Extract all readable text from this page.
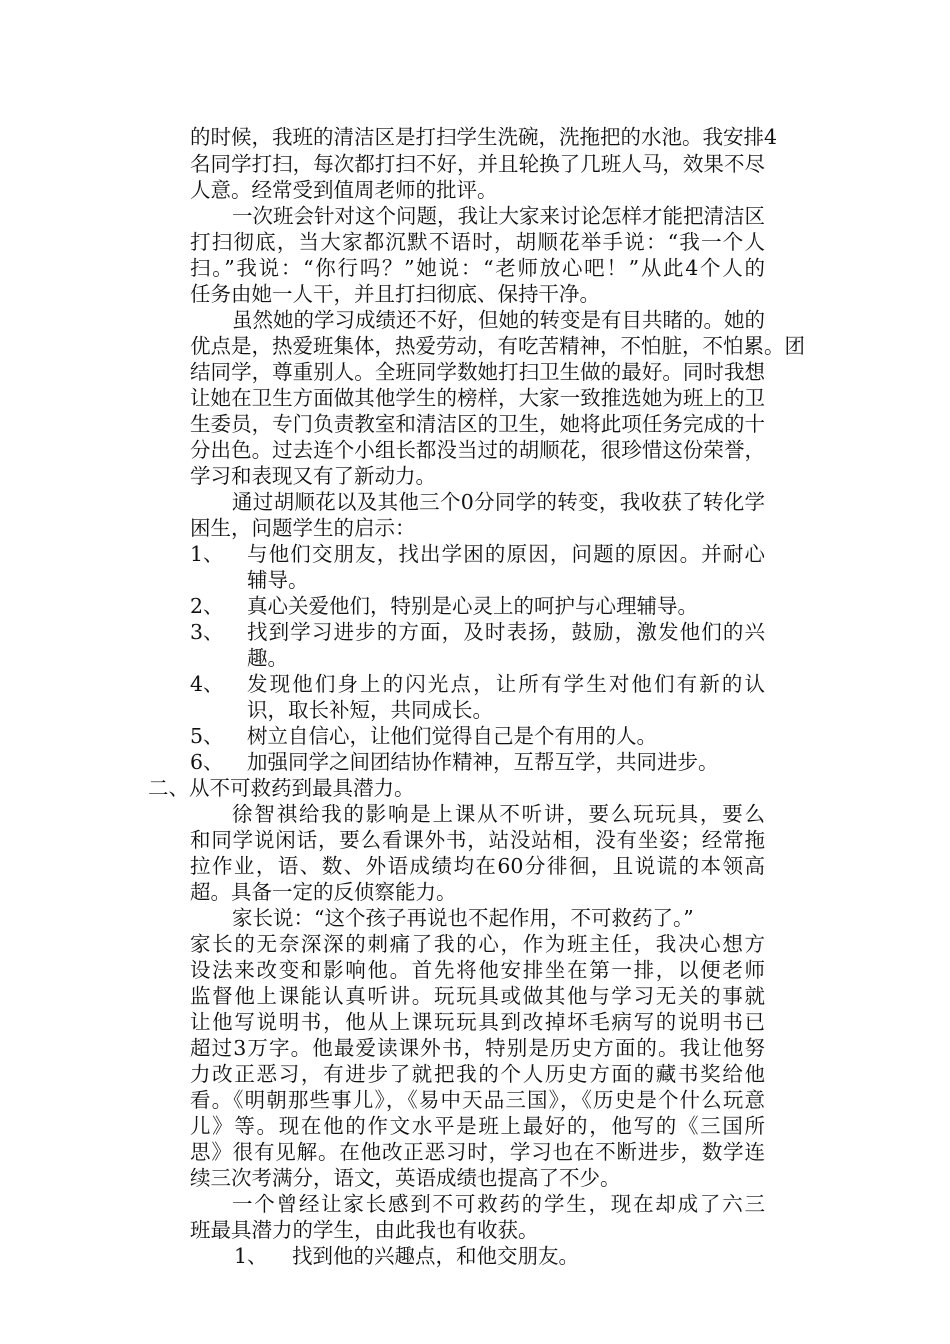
的时候，我班的清洁区是打扫学生洗碗，洗拖把的水池。我安排4
名同学打扫，每次都打扫不好，并且轮换了几班人马，效果不尽
人意。经常受到值周老师的批评。
一次班会针对这个问题，我让大家来讨论怎样才能把清洁区
打扫彻底，当大家都沉默不语时，胡顺花举手说：“我一个人
扫。”我说：“你行吗？”她说：“老师放心吧！”从此4个人的
任务由她一人干，并且打扫彻底、保持干净。
虽然她的学习成绩还不好，但她的转变是有目共睹的。她的
优点是，热爱班集体，热爱劳动，有吃苦精神，不怕脏，不怕累。团
结同学，尊重别人。全班同学数她打扫卫生做的最好。同时我想
让她在卫生方面做其他学生的榜样，大家一致推选她为班上的卫
生委员，专门负责教室和清洁区的卫生，她将此项任务完成的十
分出色。过去连个小组长都没当过的胡顺花，很珍惜这份荣誉，
学习和表现又有了新动力。
通过胡顺花以及其他三个0分同学的转变，我收获了转化学
困生，问题学生的启示：
1、 与他们交朋友，找出学困的原因，问题的原因。并耐心
辅导。
2、 真心关爱他们，特别是心灵上的呵护与心理辅导。
3、 找到学习进步的方面，及时表扬，鼓励，激发他们的兴
趣。
4、 发现他们身上的闪光点，让所有学生对他们有新的认
识，取长补短，共同成长。
5、 树立自信心，让他们觉得自己是个有用的人。
6、 加强同学之间团结协作精神，互帮互学，共同进步。
二、从不可救药到最具潜力。
徐智祺给我的影响是上课从不听讲，要么玩玩具，要么
和同学说闲话，要么看课外书，站没站相，没有坐姿；经常拖
拉作业，语、数、外语成绩均在60分徘徊，且说谎的本领高
超。具备一定的反侦察能力。
家长说：“这个孩子再说也不起作用，不可救药了。”
家长的无奈深深的刺痛了我的心，作为班主任，我决心想方
设法来改变和影响他。首先将他安排坐在第一排，以便老师
监督他上课能认真听讲。玩玩具或做其他与学习无关的事就
让他写说明书，他从上课玩玩具到改掉坏毛病写的说明书已
超过3万字。他最爱读课外书，特别是历史方面的。我让他努
力改正恶习，有进步了就把我的个人历史方面的藏书奖给他
看。《明朝那些事儿》，《易中天品三国》，《历史是个什么玩意
儿》等。现在他的作文水平是班上最好的，他写的《三国所
思》很有见解。在他改正恶习时，学习也在不断进步，数学连
续三次考满分，语文，英语成绩也提高了不少。
一个曾经让家长感到不可救药的学生，现在却成了六三
班最具潜力的学生，由此我也有收获。
1、 找到他的兴趣点，和他交朋友。
